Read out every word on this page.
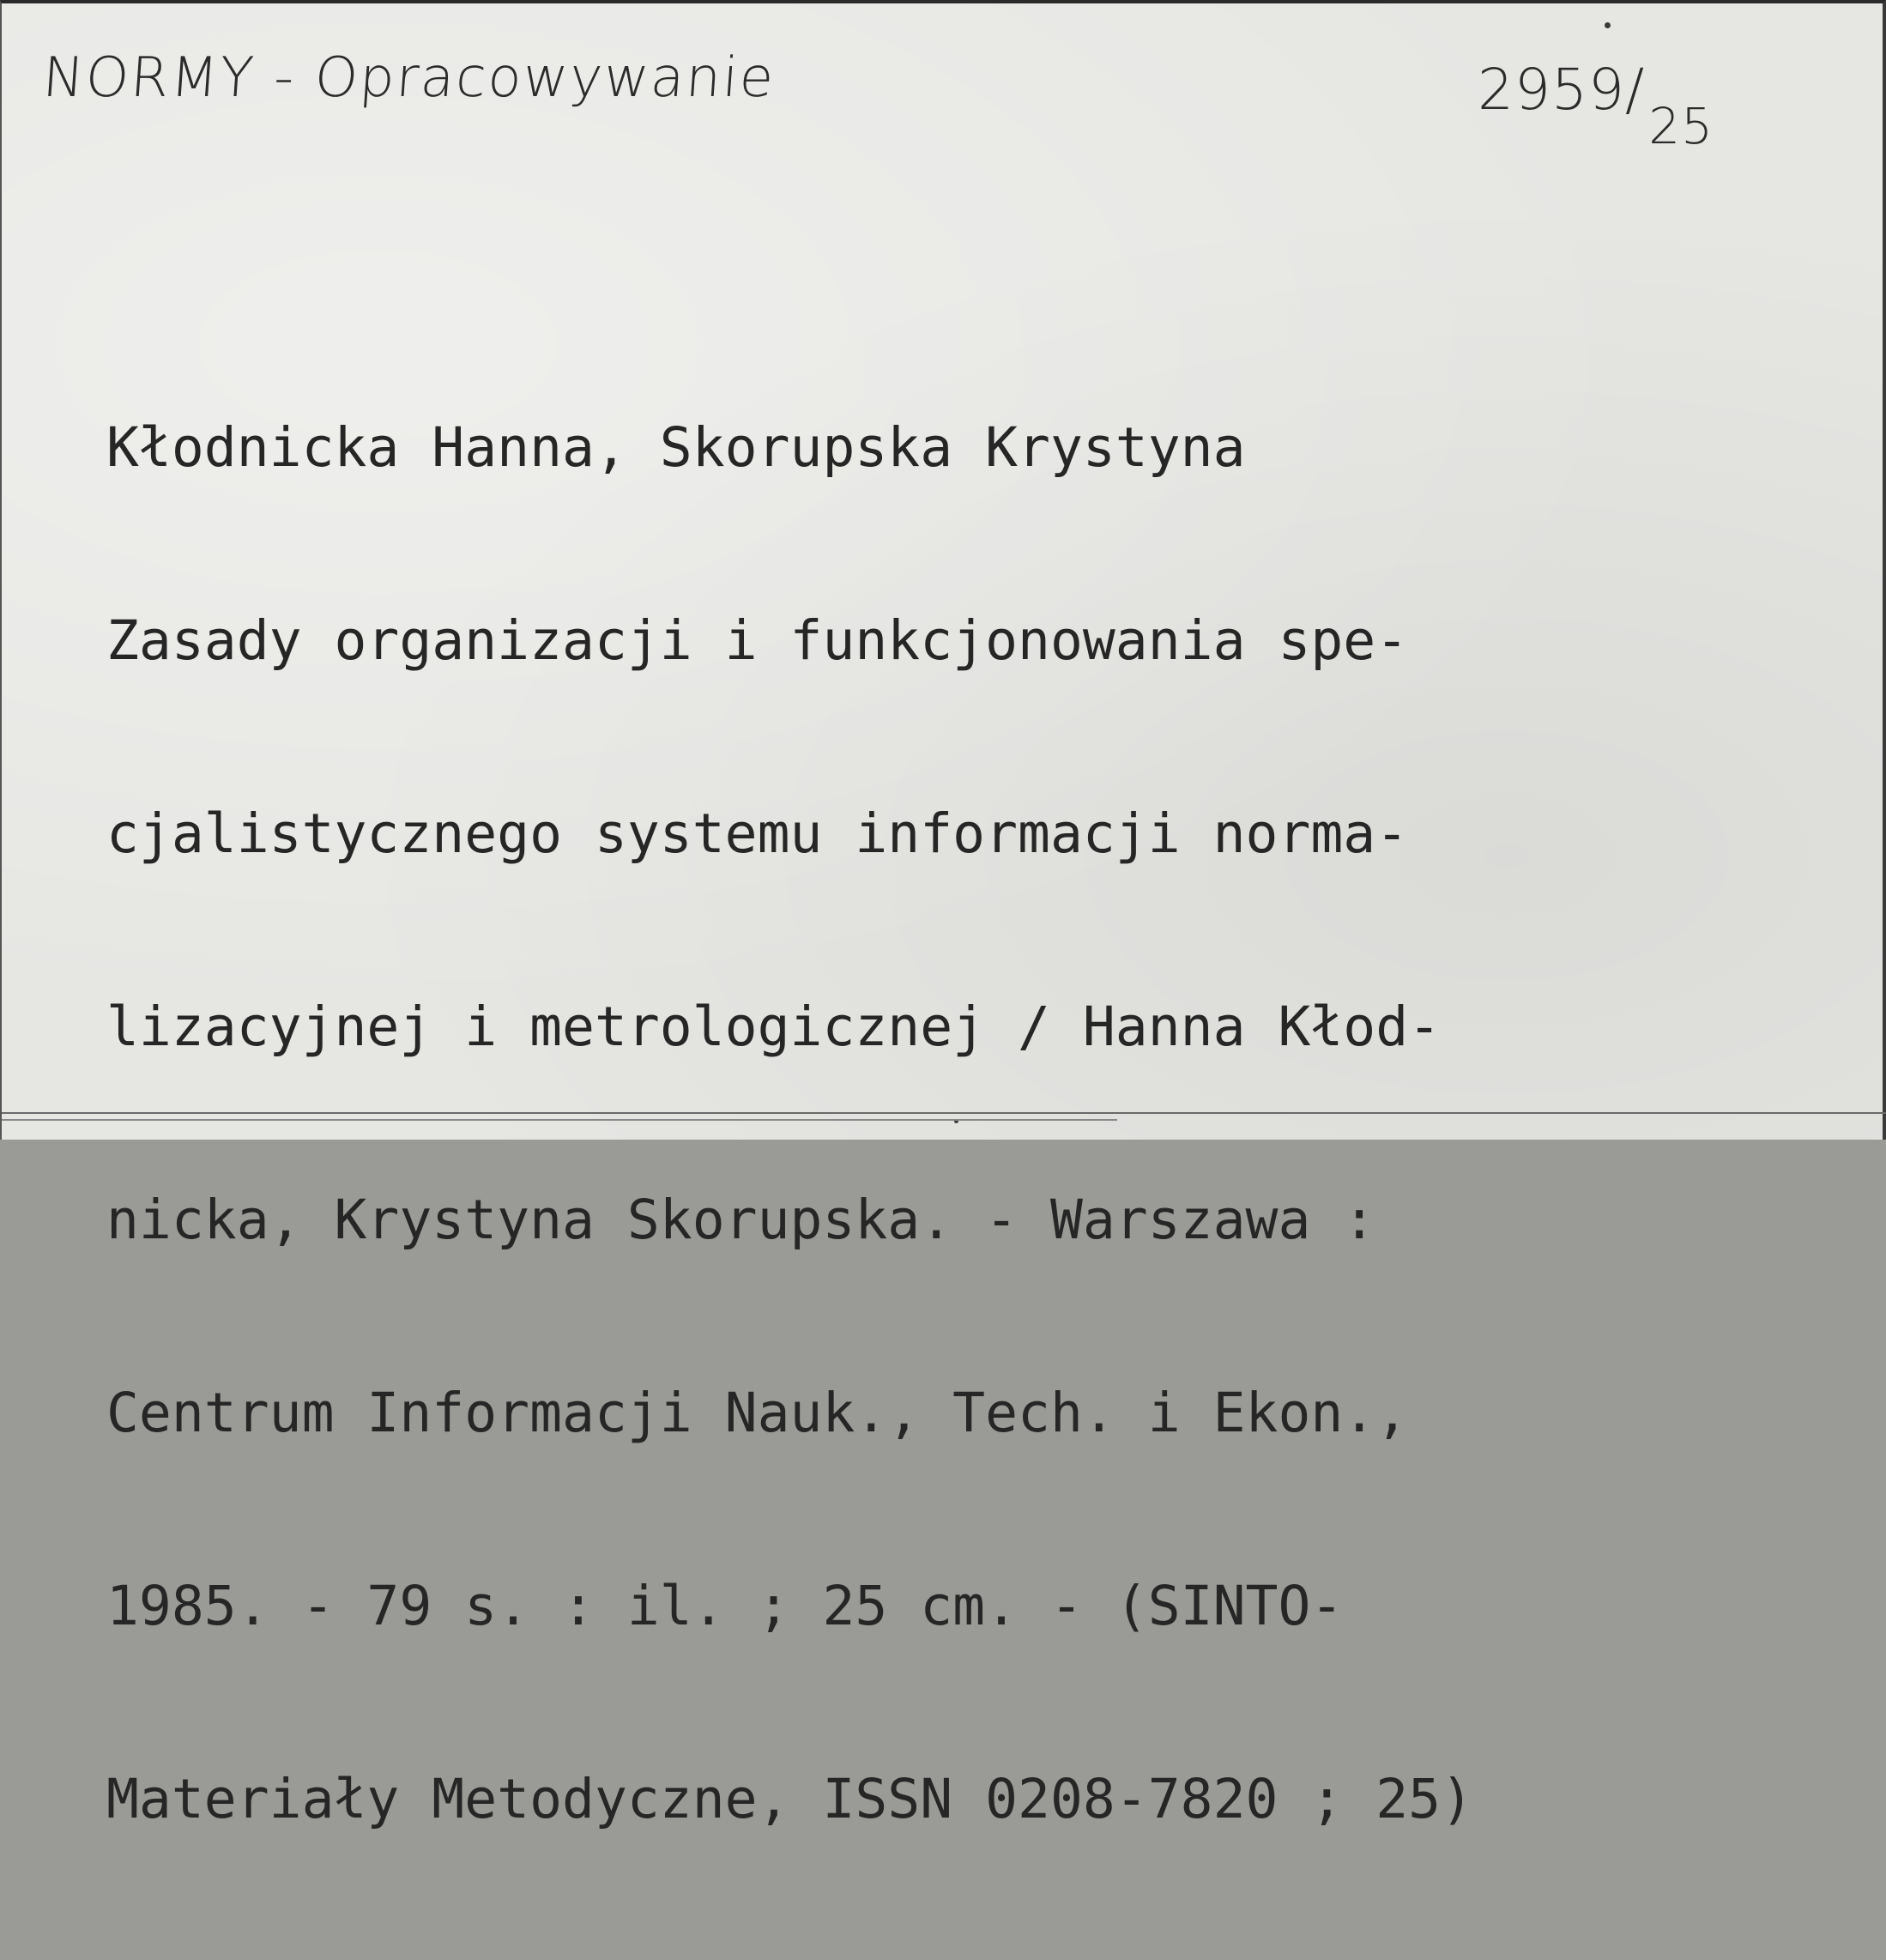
NORMY - Opracowywanie	2959/25

Kłodnicka Hanna, Skorupska Krystyna

Zasady organizacji i funkcjonowania spe-

cjalistycznego systemu informacji norma-

lizacyjnej i metrologicznej / Hanna Kłod-

nicka, Krystyna Skorupska. - Warszawa :

Centrum Informacji Nauk., Tech. i Ekon.,

1985. - 79 s. : il. ; 25 cm. - (SINTO-

Materiały Metodyczne, ISSN 0208-7820 ; 25)
